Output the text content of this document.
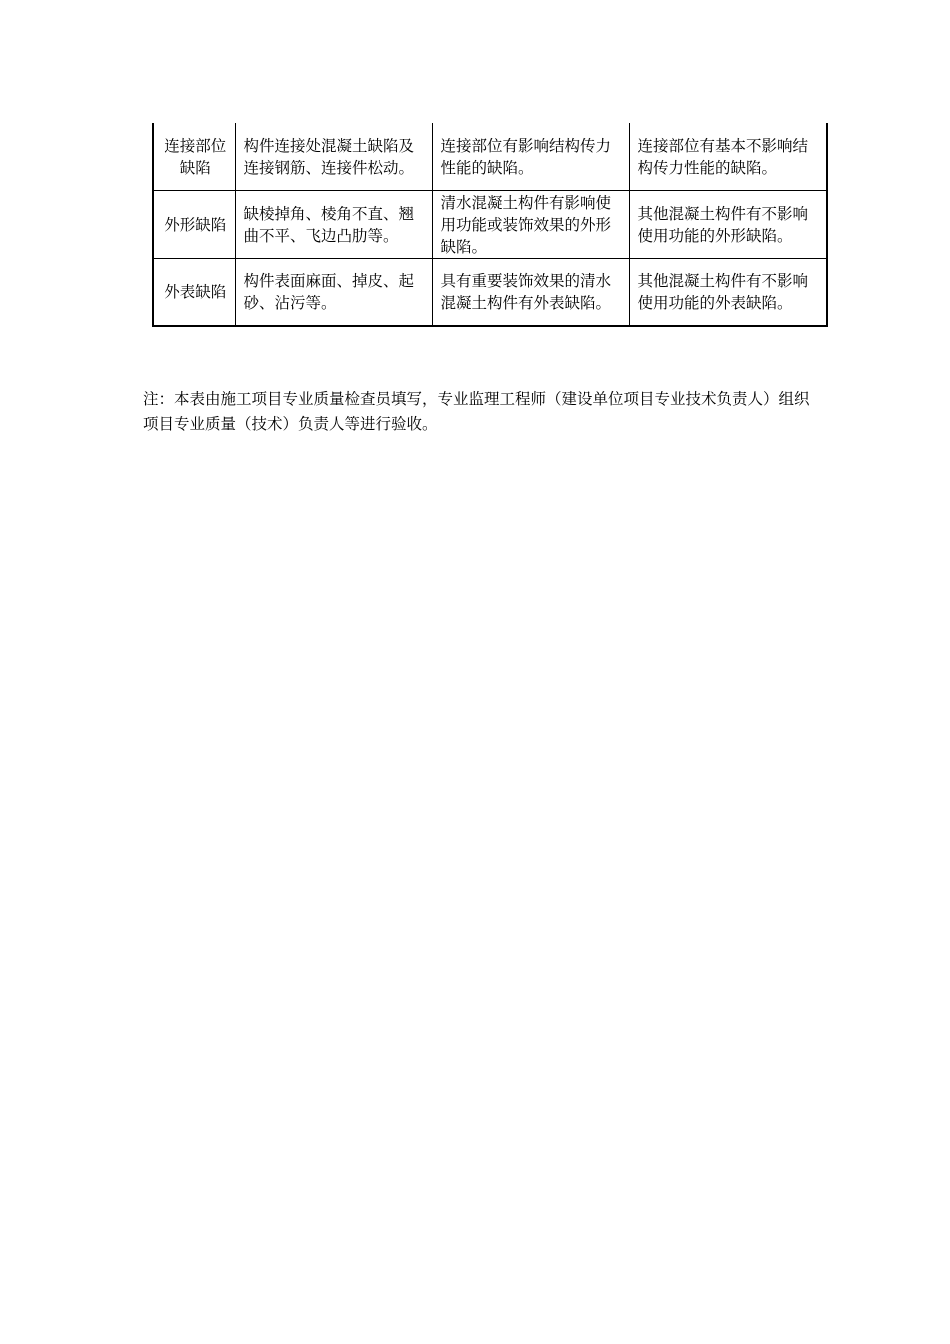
连接部位缺陷	构件连接处混凝土缺陷及连接钢筋、连接件松动。	连接部位有影响结构传力性能的缺陷。	连接部位有基本不影响结构传力性能的缺陷。
外形缺陷	缺棱掉角、棱角不直、翘曲不平、飞边凸肋等。	清水混凝土构件有影响使用功能或装饰效果的外形缺陷。	其他混凝土构件有不影响使用功能的外形缺陷。
外表缺陷	构件表面麻面、掉皮、起砂、沾污等。	具有重要装饰效果的清水混凝土构件有外表缺陷。	其他混凝土构件有不影响使用功能的外表缺陷。

注：本表由施工项目专业质量检查员填写，专业监理工程师（建设单位项目专业技术负责人）组织项目专业质量（技术）负责人等进行验收。
